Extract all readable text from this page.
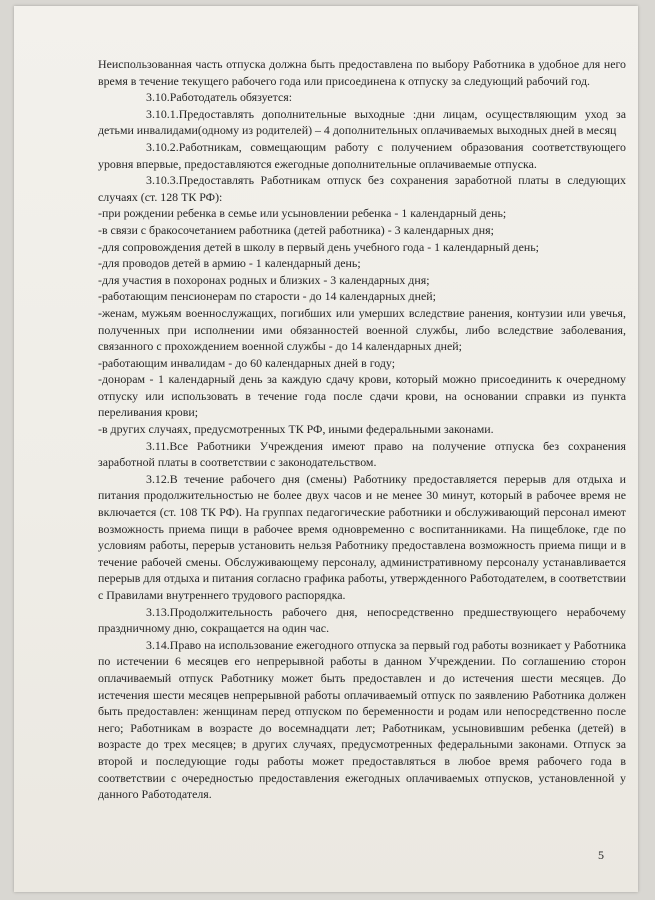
Неиспользованная часть отпуска должна быть предоставлена по выбору Работника в удобное для него время в течение текущего рабочего года или присоединена к отпуску за следующий рабочий год.

3.10.Работодатель обязуется:

3.10.1.Предоставлять дополнительные выходные :дни лицам, осуществляющим уход за детьми инвалидами(одному из родителей) – 4 дополнительных оплачиваемых выходных дней в месяц

3.10.2.Работникам, совмещающим работу с получением образования соответствующего уровня впервые, предоставляются ежегодные дополнительные оплачиваемые отпуска.

3.10.3.Предоставлять Работникам отпуск без сохранения заработной платы в следующих случаях (ст. 128 ТК РФ):

-при рождении ребенка в семье или усыновлении ребенка - 1 календарный день;

-в связи с бракосочетанием работника (детей работника) - 3 календарных дня;

-для сопровождения детей в школу в первый день учебного года - 1 календарный день;

-для проводов детей в армию - 1 календарный день;

-для участия в похоронах родных и близких - 3 календарных дня;

-работающим пенсионерам по старости - до 14 календарных дней;

-женам, мужьям военнослужащих, погибших или умерших вследствие ранения, контузии или увечья, полученных при исполнении ими обязанностей военной службы, либо вследствие заболевания, связанного с прохождением военной службы - до 14 календарных дней;

-работающим инвалидам - до 60 календарных дней в году;

-донорам - 1 календарный день за каждую сдачу крови, который можно присоединить к очередному отпуску или использовать в течение года после сдачи крови, на основании справки из пункта переливания крови;

-в других случаях, предусмотренных ТК РФ, иными федеральными законами.

3.11.Все Работники Учреждения имеют право на получение отпуска без сохранения заработной платы в соответствии с законодательством.

3.12.В течение рабочего дня (смены) Работнику предоставляется перерыв для отдыха и питания продолжительностью не более двух часов и не менее 30 минут, который в рабочее время не включается (ст. 108 ТК РФ). На группах педагогические работники и обслуживающий персонал имеют возможность приема пищи в рабочее время одновременно с воспитанниками. На пищеблоке, где по условиям работы, перерыв установить нельзя Работнику предоставлена возможность приема пищи и в течение рабочей смены. Обслуживающему персоналу, административному персоналу устанавливается перерыв для отдыха и питания согласно графика работы, утвержденного Работодателем, в соответствии с Правилами внутреннего трудового распорядка.

3.13.Продолжительность рабочего дня, непосредственно предшествующего нерабочему праздничному дню, сокращается на один час.

3.14.Право на использование ежегодного отпуска за первый год работы возникает у Работника по истечении 6 месяцев его непрерывной работы в данном Учреждении. По соглашению сторон оплачиваемый отпуск Работнику может быть предоставлен и до истечения шести месяцев. До истечения шести месяцев непрерывной работы оплачиваемый отпуск по заявлению Работника должен быть предоставлен: женщинам перед отпуском по беременности и родам или непосредственно после него; Работникам в возрасте до восемнадцати лет; Работникам, усыновившим ребенка (детей) в возрасте до трех месяцев; в других случаях, предусмотренных федеральными законами. Отпуск за второй и последующие годы работы может предоставляться в любое время рабочего года в соответствии с очередностью предоставления ежегодных оплачиваемых отпусков, установленной у данного Работодателя.

5
